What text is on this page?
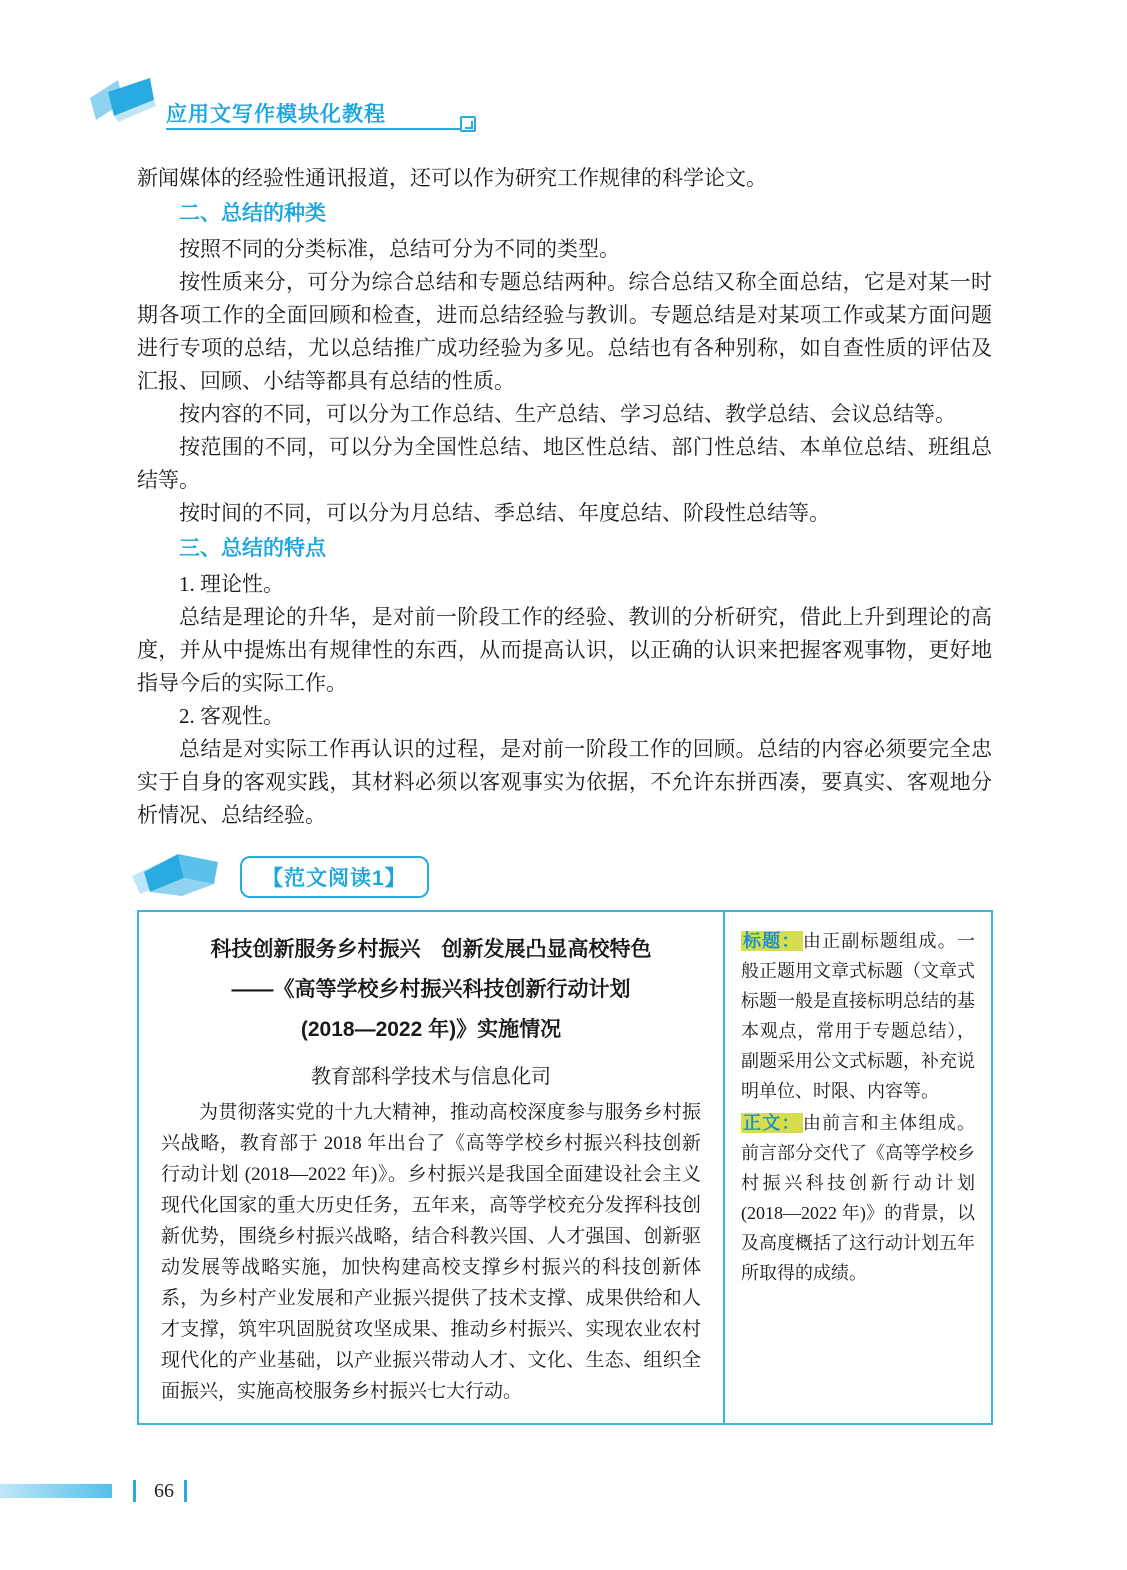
应用文写作模块化教程

新闻媒体的经验性通讯报道，还可以作为研究工作规律的科学论文。

二、总结的种类

按照不同的分类标准，总结可分为不同的类型。

按性质来分，可分为综合总结和专题总结两种。综合总结又称全面总结，它是对某一时期各项工作的全面回顾和检查，进而总结经验与教训。专题总结是对某项工作或某方面问题进行专项的总结，尤以总结推广成功经验为多见。总结也有各种别称，如自查性质的评估及汇报、回顾、小结等都具有总结的性质。

按内容的不同，可以分为工作总结、生产总结、学习总结、教学总结、会议总结等。

按范围的不同，可以分为全国性总结、地区性总结、部门性总结、本单位总结、班组总结等。

按时间的不同，可以分为月总结、季总结、年度总结、阶段性总结等。

三、总结的特点

1. 理论性。

总结是理论的升华，是对前一阶段工作的经验、教训的分析研究，借此上升到理论的高度，并从中提炼出有规律性的东西，从而提高认识，以正确的认识来把握客观事物，更好地指导今后的实际工作。

2. 客观性。

总结是对实际工作再认识的过程，是对前一阶段工作的回顾。总结的内容必须要完全忠实于自身的客观实践，其材料必须以客观事实为依据，不允许东拼西凑，要真实、客观地分析情况、总结经验。

【范文阅读1】
科技创新服务乡村振兴　创新发展凸显高校特色
——《高等学校乡村振兴科技创新行动计划
(2018—2022 年)》实施情况
教育部科学技术与信息化司

为贯彻落实党的十九大精神，推动高校深度参与服务乡村振兴战略，教育部于 2018 年出台了《高等学校乡村振兴科技创新行动计划 (2018—2022 年)》。乡村振兴是我国全面建设社会主义现代化国家的重大历史任务，五年来，高等学校充分发挥科技创新优势，围绕乡村振兴战略，结合科教兴国、人才强国、创新驱动发展等战略实施，加快构建高校支撑乡村振兴的科技创新体系，为乡村产业发展和产业振兴提供了技术支撑、成果供给和人才支撑，筑牢巩固脱贫攻坚成果、推动乡村振兴、实现农业农村现代化的产业基础，以产业振兴带动人才、文化、生态、组织全面振兴，实施高校服务乡村振兴七大行动。

标题： 由正副标题组成。一般正题用文章式标题（文章式标题一般是直接标明总结的基本观点，常用于专题总结），副题采用公文式标题，补充说明单位、时限、内容等。
正文： 由前言和主体组成。前言部分交代了《高等学校乡村振兴科技创新行动计划 (2018—2022 年)》的背景，以及高度概括了这行动计划五年所取得的成绩。
66
